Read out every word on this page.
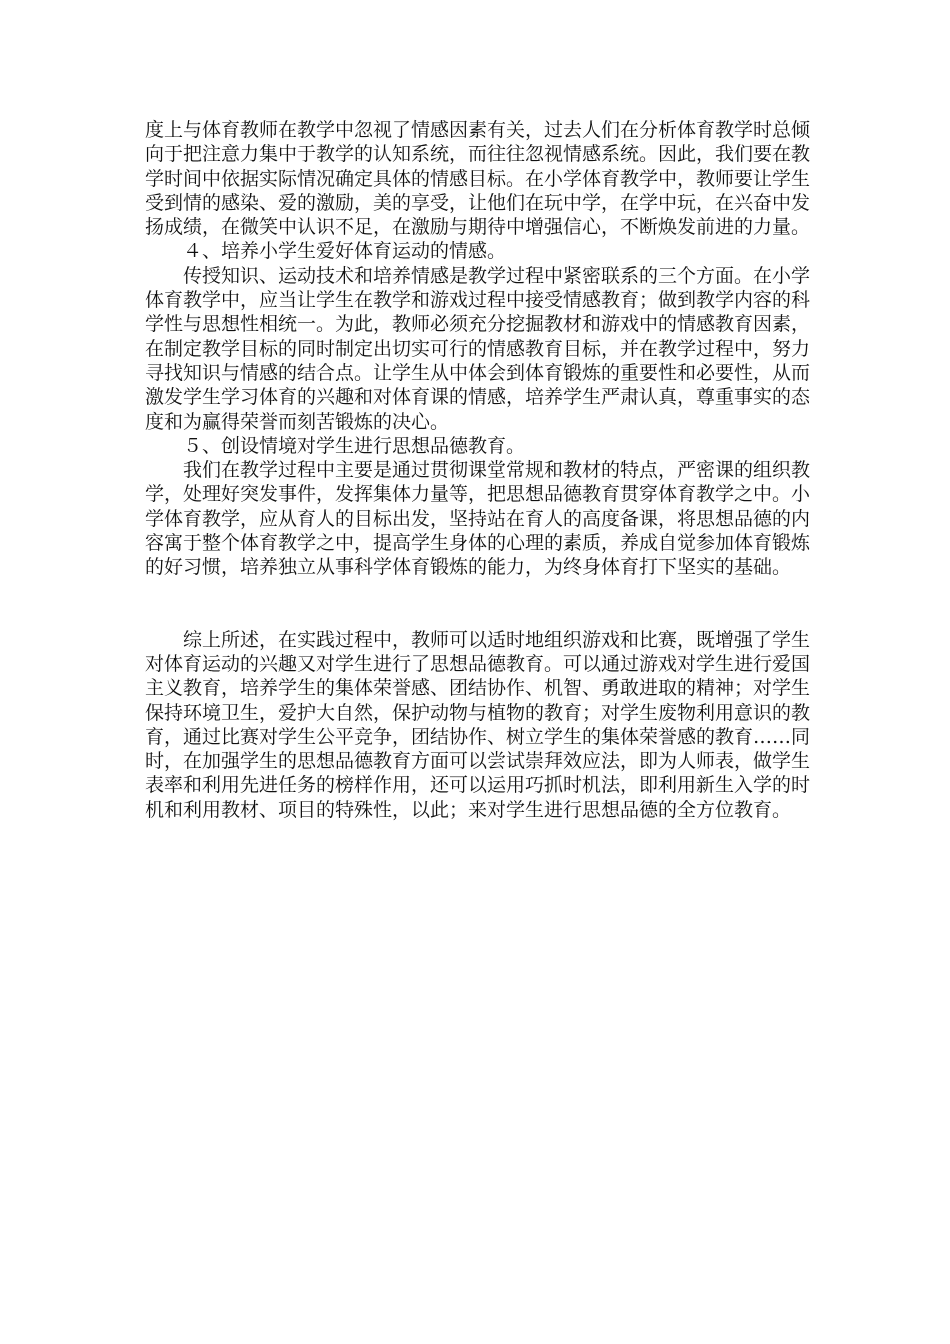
度上与体育教师在教学中忽视了情感因素有关，过去人们在分析体育教学时总倾向于把注意力集中于教学的认知系统，而往往忽视情感系统。因此，我们要在教学时间中依据实际情况确定具体的情感目标。在小学体育教学中，教师要让学生受到情的感染、爱的激励，美的享受，让他们在玩中学，在学中玩，在兴奋中发扬成绩，在微笑中认识不足，在激励与期待中增强信心，不断焕发前进的力量。

４、培养小学生爱好体育运动的情感。

传授知识、运动技术和培养情感是教学过程中紧密联系的三个方面。在小学体育教学中，应当让学生在教学和游戏过程中接受情感教育；做到教学内容的科学性与思想性相统一。为此，教师必须充分挖掘教材和游戏中的情感教育因素，在制定教学目标的同时制定出切实可行的情感教育目标，并在教学过程中，努力寻找知识与情感的结合点。让学生从中体会到体育锻炼的重要性和必要性，从而激发学生学习体育的兴趣和对体育课的情感，培养学生严肃认真，尊重事实的态度和为赢得荣誉而刻苦锻炼的决心。

５、创设情境对学生进行思想品德教育。

我们在教学过程中主要是通过贯彻课堂常规和教材的特点，严密课的组织教学，处理好突发事件，发挥集体力量等，把思想品德教育贯穿体育教学之中。小学体育教学，应从育人的目标出发，坚持站在育人的高度备课，将思想品德的内容寓于整个体育教学之中，提高学生身体的心理的素质，养成自觉参加体育锻炼的好习惯，培养独立从事科学体育锻炼的能力，为终身体育打下坚实的基础。

综上所述，在实践过程中，教师可以适时地组织游戏和比赛，既增强了学生对体育运动的兴趣又对学生进行了思想品德教育。可以通过游戏对学生进行爱国主义教育，培养学生的集体荣誉感、团结协作、机智、勇敢进取的精神；对学生保持环境卫生，爱护大自然，保护动物与植物的教育；对学生废物利用意识的教育，通过比赛对学生公平竞争，团结协作、树立学生的集体荣誉感的教育……同时，在加强学生的思想品德教育方面可以尝试崇拜效应法，即为人师表，做学生表率和利用先进任务的榜样作用，还可以运用巧抓时机法，即利用新生入学的时机和利用教材、项目的特殊性，以此；来对学生进行思想品德的全方位教育。
